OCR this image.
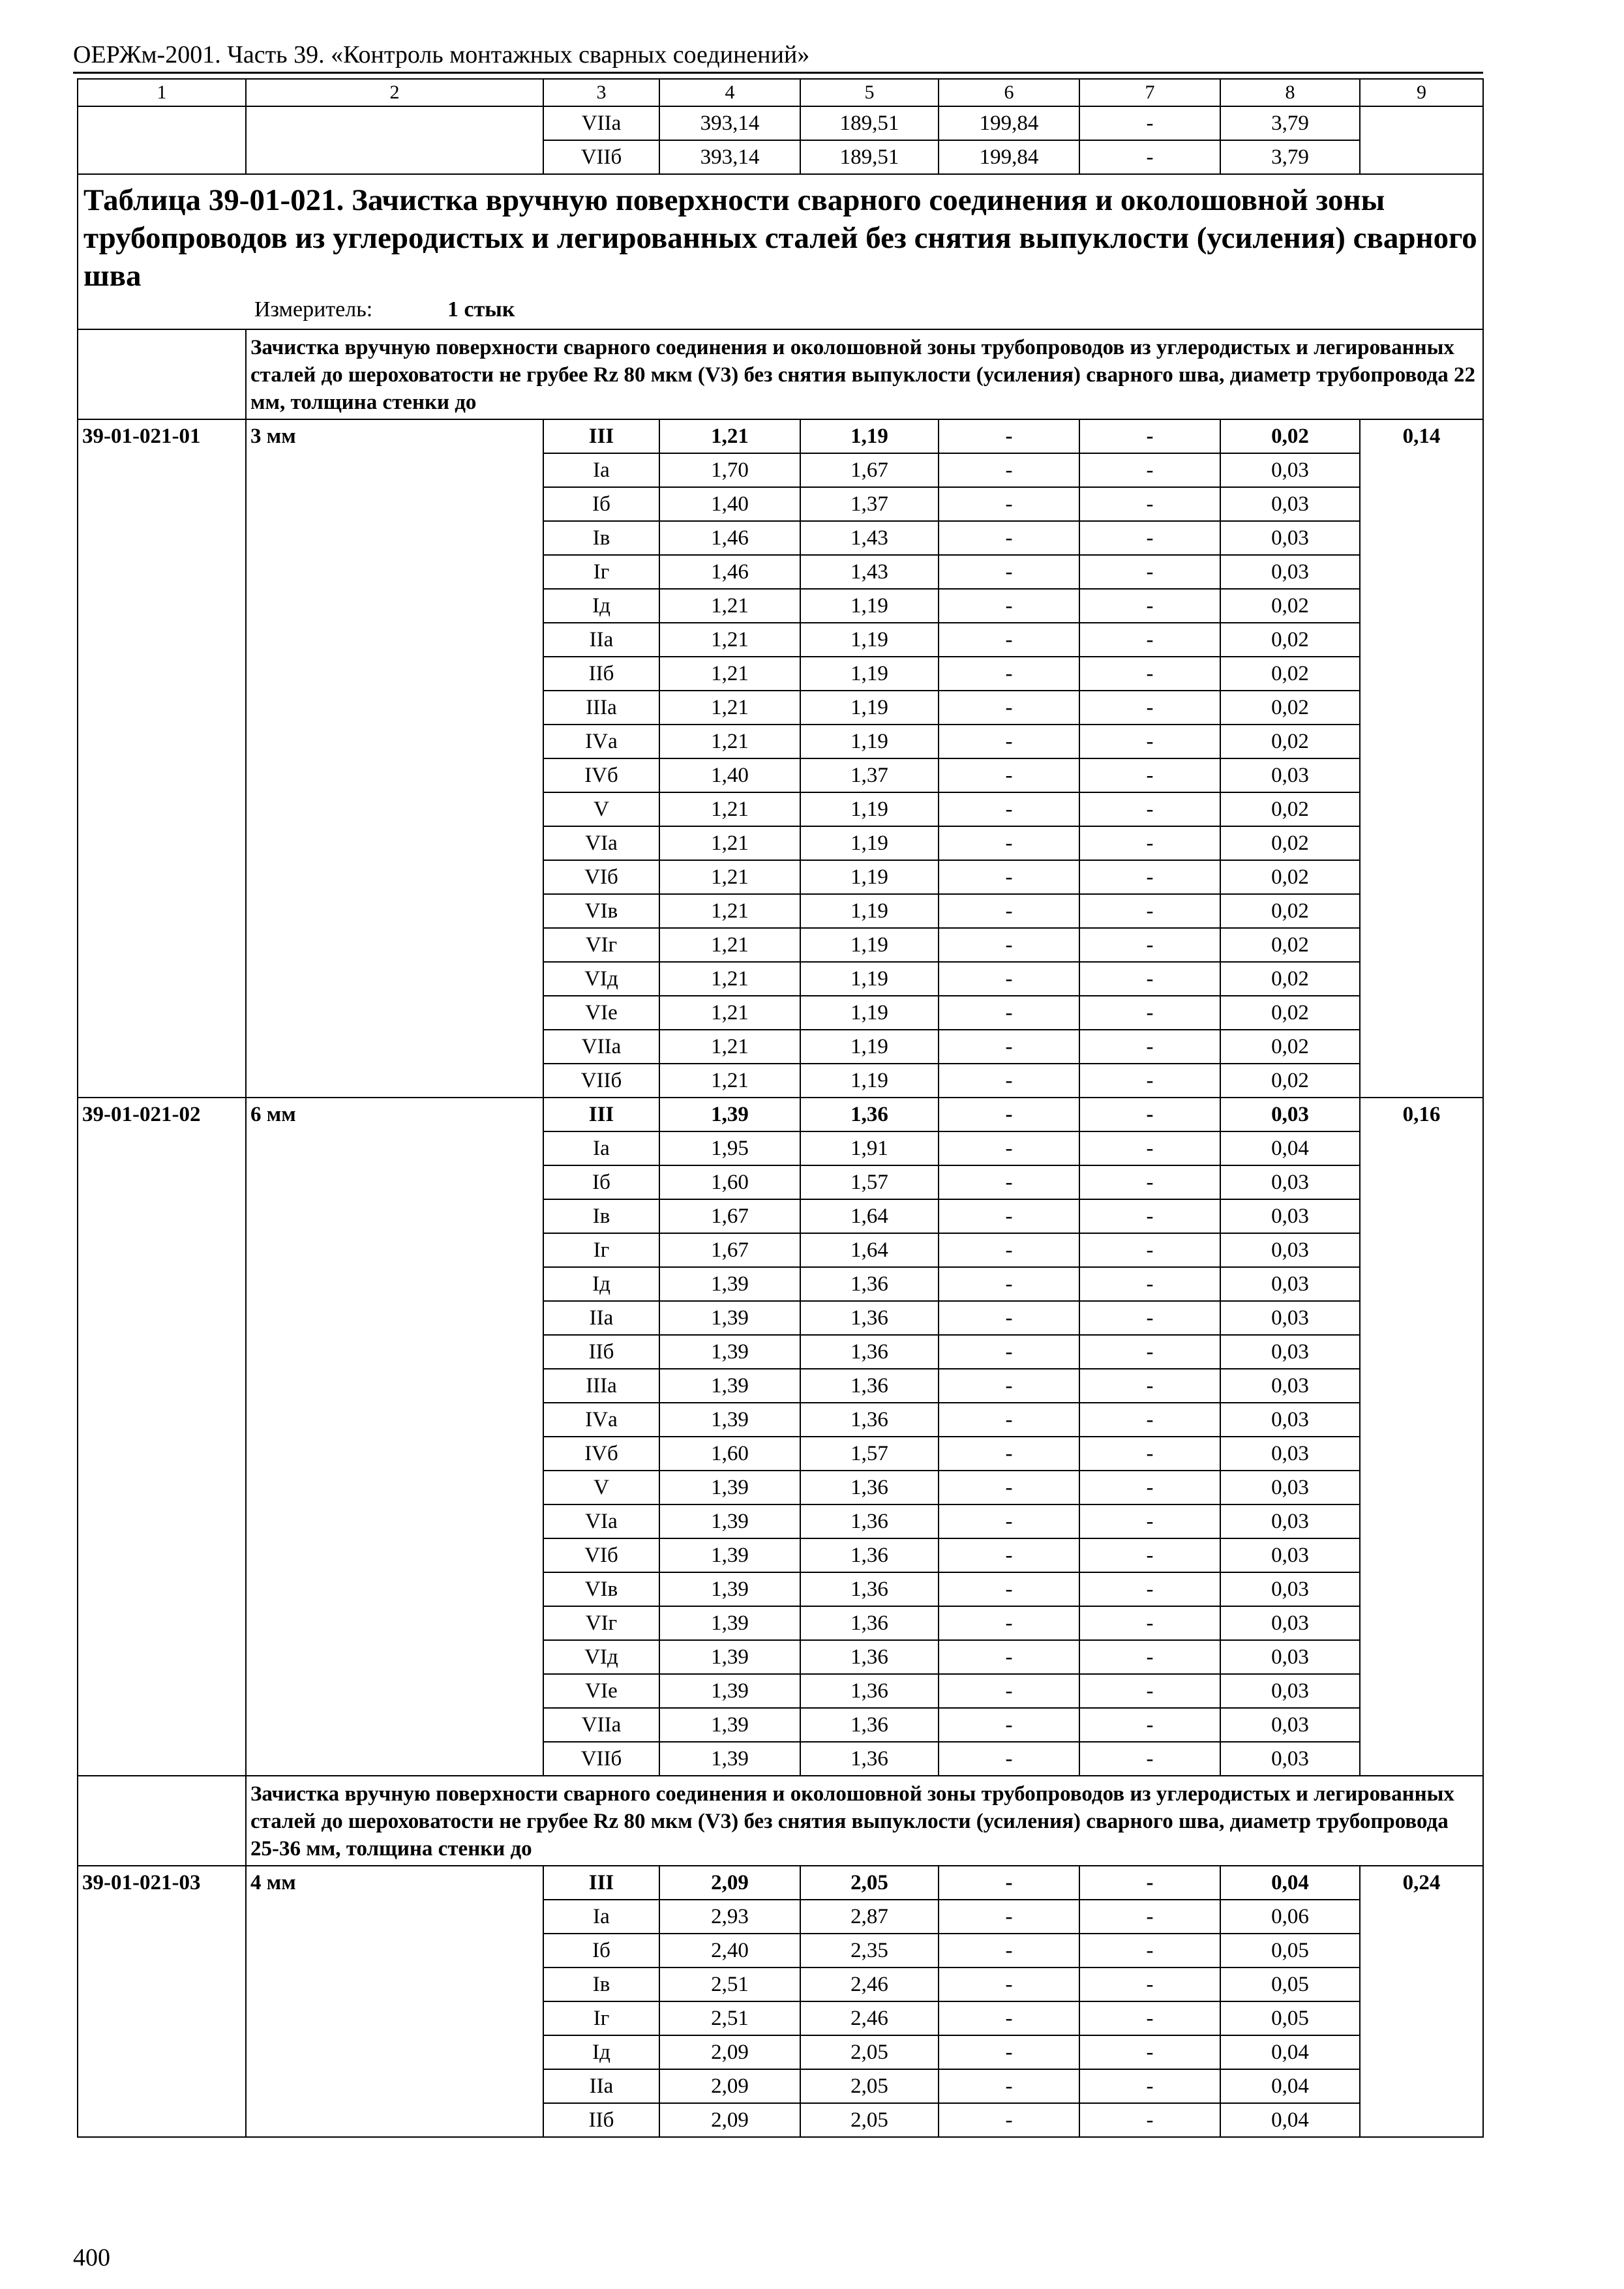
ОЕРЖм-2001. Часть 39. «Контроль монтажных сварных соединений»
1	2	3	4	5	6	7	8	9
		VIIа	393,14	189,51	199,84	-	3,79	
		VIIб	393,14	189,51	199,84	-	3,79	

Таблица 39-01-021. Зачистка вручную поверхности сварного соединения и околошовной зоны трубопроводов из углеродистых и легированных сталей без снятия выпуклости (усиления) сварного шва
Измеритель: 1 стык								

	Зачистка вручную поверхности сварного соединения и околошовной зоны трубопроводов из углеродистых и легированных сталей до шероховатости не грубее Rz 80 мкм (V3) без снятия выпуклости (усиления) сварного шва, диаметр трубопровода 22 мм, толщина стенки до							
39-01-021-01	3 мм	III	1,21	1,19	-	-	0,02	0,14
		Iа	1,70	1,67	-	-	0,03	
		Iб	1,40	1,37	-	-	0,03	
		Iв	1,46	1,43	-	-	0,03	
		Iг	1,46	1,43	-	-	0,03	
		Iд	1,21	1,19	-	-	0,02	
		IIа	1,21	1,19	-	-	0,02	
		IIб	1,21	1,19	-	-	0,02	
		IIIа	1,21	1,19	-	-	0,02	
		IVа	1,21	1,19	-	-	0,02	
		IVб	1,40	1,37	-	-	0,03	
		V	1,21	1,19	-	-	0,02	
		VIа	1,21	1,19	-	-	0,02	
		VIб	1,21	1,19	-	-	0,02	
		VIв	1,21	1,19	-	-	0,02	
		VIг	1,21	1,19	-	-	0,02	
		VIд	1,21	1,19	-	-	0,02	
		VIе	1,21	1,19	-	-	0,02	
		VIIа	1,21	1,19	-	-	0,02	
		VIIб	1,21	1,19	-	-	0,02	
39-01-021-02	6 мм	III	1,39	1,36	-	-	0,03	0,16
		Iа	1,95	1,91	-	-	0,04	
		Iб	1,60	1,57	-	-	0,03	
		Iв	1,67	1,64	-	-	0,03	
		Iг	1,67	1,64	-	-	0,03	
		Iд	1,39	1,36	-	-	0,03	
		IIа	1,39	1,36	-	-	0,03	
		IIб	1,39	1,36	-	-	0,03	
		IIIа	1,39	1,36	-	-	0,03	
		IVа	1,39	1,36	-	-	0,03	
		IVб	1,60	1,57	-	-	0,03	
		V	1,39	1,36	-	-	0,03	
		VIа	1,39	1,36	-	-	0,03	
		VIб	1,39	1,36	-	-	0,03	
		VIв	1,39	1,36	-	-	0,03	
		VIг	1,39	1,36	-	-	0,03	
		VIд	1,39	1,36	-	-	0,03	
		VIе	1,39	1,36	-	-	0,03	
		VIIа	1,39	1,36	-	-	0,03	
		VIIб	1,39	1,36	-	-	0,03	
	Зачистка вручную поверхности сварного соединения и околошовной зоны трубопроводов из углеродистых и легированных сталей до шероховатости не грубее Rz 80 мкм (V3) без снятия выпуклости (усиления) сварного шва, диаметр трубопровода 25-36 мм, толщина стенки до							
39-01-021-03	4 мм	III	2,09	2,05	-	-	0,04	0,24
		Iа	2,93	2,87	-	-	0,06	
		Iб	2,40	2,35	-	-	0,05	
		Iв	2,51	2,46	-	-	0,05	
		Iг	2,51	2,46	-	-	0,05	
		Iд	2,09	2,05	-	-	0,04	
		IIа	2,09	2,05	-	-	0,04	
		IIб	2,09	2,05	-	-	0,04	
400
